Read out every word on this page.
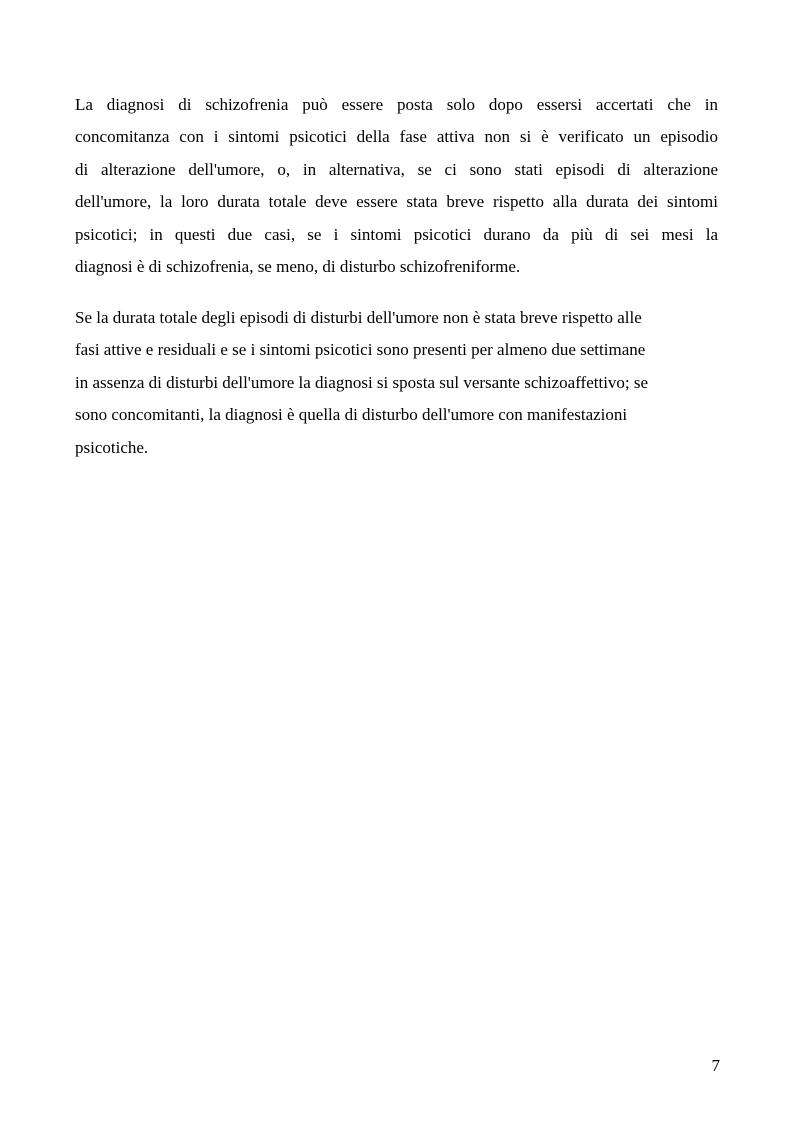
La diagnosi di schizofrenia può essere posta solo dopo essersi accertati che in
concomitanza con i sintomi psicotici della fase attiva non si è verificato un episodio
di alterazione dell'umore, o, in alternativa, se ci sono stati episodi di alterazione
dell'umore, la loro durata totale deve essere stata breve rispetto alla durata dei sintomi
psicotici; in questi due casi, se i sintomi psicotici durano da più di sei mesi la
diagnosi è di schizofrenia, se meno, di disturbo schizofreniforme.

Se la durata totale degli episodi di disturbi dell'umore non è stata breve rispetto alle
fasi attive e residuali e se i sintomi psicotici sono presenti per almeno due settimane
in assenza di disturbi dell'umore la diagnosi si sposta sul versante schizoaffettivo; se
sono concomitanti, la diagnosi è quella di disturbo dell'umore con manifestazioni
psicotiche.

7
